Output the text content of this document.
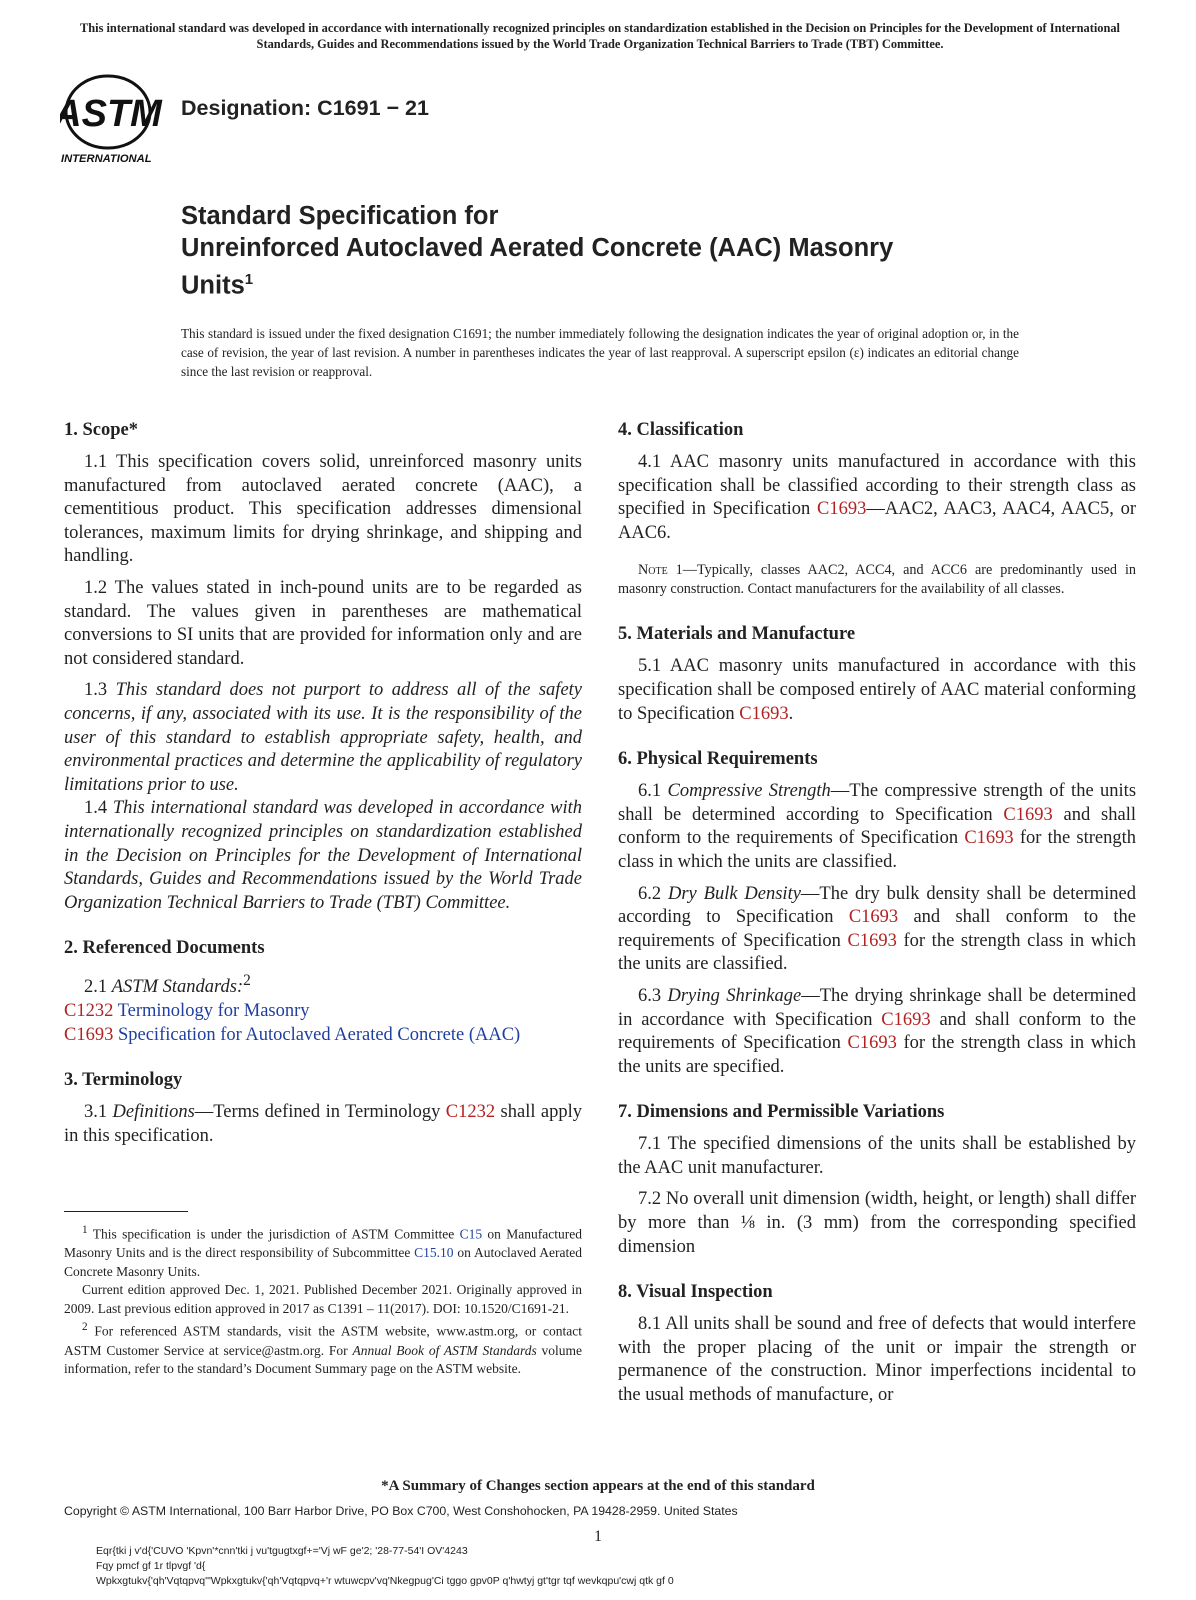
This international standard was developed in accordance with internationally recognized principles on standardization established in the Decision on Principles for the Development of International Standards, Guides and Recommendations issued by the World Trade Organization Technical Barriers to Trade (TBT) Committee.
ASTM
INTERNATIONAL
Designation: C1691 − 21
Standard Specification for
Unreinforced Autoclaved Aerated Concrete (AAC) Masonry
Units$^1$
This standard is issued under the fixed designation C1691; the number immediately following the designation indicates the year of original adoption or, in the case of revision, the year of last revision. A number in parentheses indicates the year of last reapproval. A superscript epsilon (ε) indicates an editorial change since the last revision or reapproval.
1. Scope*

1.1 This specification covers solid, unreinforced masonry units manufactured from autoclaved aerated concrete (AAC), a cementitious product. This specification addresses dimensional tolerances, maximum limits for drying shrinkage, and shipping and handling.

1.2 The values stated in inch-pound units are to be regarded as standard. The values given in parentheses are mathematical conversions to SI units that are provided for information only and are not considered standard.

1.3 This standard does not purport to address all of the safety concerns, if any, associated with its use. It is the responsibility of the user of this standard to establish appropriate safety, health, and environmental practices and determine the applicability of regulatory limitations prior to use.

1.4 This international standard was developed in accordance with internationally recognized principles on standardization established in the Decision on Principles for the Development of International Standards, Guides and Recommendations issued by the World Trade Organization Technical Barriers to Trade (TBT) Committee.

2. Referenced Documents

2.1 ASTM Standards:$^2$

C1232 Terminology for Masonry
C1693 Specification for Autoclaved Aerated Concrete (AAC)
3. Terminology

3.1 Definitions—Terms defined in Terminology C1232 shall apply in this specification.

$^1$ This specification is under the jurisdiction of ASTM Committee C15 on Manufactured Masonry Units and is the direct responsibility of Subcommittee C15.10 on Autoclaved Aerated Concrete Masonry Units.

Current edition approved Dec. 1, 2021. Published December 2021. Originally approved in 2009. Last previous edition approved in 2017 as C1391 – 11(2017). DOI: 10.1520/C1691-21.

$^2$ For referenced ASTM standards, visit the ASTM website, www.astm.org, or contact ASTM Customer Service at service@astm.org. For Annual Book of ASTM Standards volume information, refer to the standard’s Document Summary page on the ASTM website.

4. Classification

4.1 AAC masonry units manufactured in accordance with this specification shall be classified according to their strength class as specified in Specification C1693—AAC2, AAC3, AAC4, AAC5, or AAC6.

Note 1—Typically, classes AAC2, ACC4, and ACC6 are predominantly used in masonry construction. Contact manufacturers for the availability of all classes.

5. Materials and Manufacture

5.1 AAC masonry units manufactured in accordance with this specification shall be composed entirely of AAC material conforming to Specification C1693.

6. Physical Requirements

6.1 Compressive Strength—The compressive strength of the units shall be determined according to Specification C1693 and shall conform to the requirements of Specification C1693 for the strength class in which the units are classified.

6.2 Dry Bulk Density—The dry bulk density shall be determined according to Specification C1693 and shall conform to the requirements of Specification C1693 for the strength class in which the units are classified.

6.3 Drying Shrinkage—The drying shrinkage shall be determined in accordance with Specification C1693 and shall conform to the requirements of Specification C1693 for the strength class in which the units are specified.

7. Dimensions and Permissible Variations

7.1 The specified dimensions of the units shall be established by the AAC unit manufacturer.

7.2 No overall unit dimension (width, height, or length) shall differ by more than ⅛ in. (3 mm) from the corresponding specified dimension

8. Visual Inspection

8.1 All units shall be sound and free of defects that would interfere with the proper placing of the unit or impair the strength or permanence of the construction. Minor imperfections incidental to the usual methods of manufacture, or

*A Summary of Changes section appears at the end of this standard
Copyright © ASTM International, 100 Barr Harbor Drive, PO Box C700, West Conshohocken, PA 19428-2959. United States
1
Eqr{tki j v'd{'CUVO 'Kpvn'*cnn'tki j vu'tgugtxgf+='Vj wF ge'2; '28-77-54'I OV'4243
Fqy pmcf gf 1r tlpvgf 'd{
Wpkxgtukv{'qh'Vqtqpvq'"Wpkxgtukv{'qh'Vqtqpvq+'r wtuwcpv'vq'Nkegpug'Ci tggo gpv0P q'hwtyj gt'tgr tqf wevkqpu'cwj qtk gf 0
